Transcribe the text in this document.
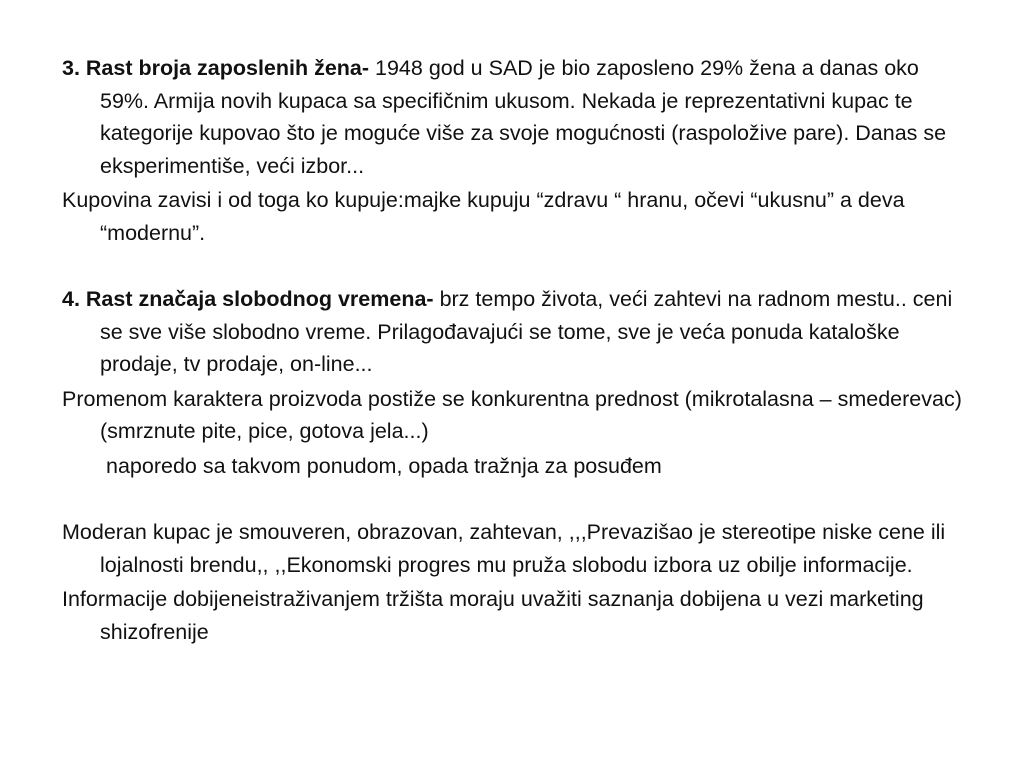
3. Rast broja zaposlenih žena- 1948 god u SAD je bio zaposleno 29% žena a danas oko 59%. Armija novih kupaca sa specifičnim ukusom. Nekada je reprezentativni kupac te kategorije kupovao što je moguće više za svoje mogućnosti (raspoložive pare). Danas se eksperimentiše, veći izbor...

Kupovina zavisi i od toga ko kupuje:majke kupuju “zdravu “ hranu, očevi “ukusnu” a deva “modernu”.

4. Rast značaja slobodnog vremena- brz tempo života, veći zahtevi na radnom mestu.. ceni se sve više slobodno vreme. Prilagođavajući se tome, sve je veća ponuda kataloške prodaje, tv prodaje, on-line...

Promenom karaktera proizvoda postiže se konkurentna prednost (mikrotalasna – smederevac) (smrznute pite, pice, gotova jela...)

naporedo sa takvom ponudom, opada tražnja za posuđem

Moderan kupac je smouveren, obrazovan, zahtevan, ,,,Prevazišao je stereotipe niske cene ili lojalnosti brendu,, ,,Ekonomski progres mu pruža slobodu izbora uz obilje informacije.

Informacije dobijeneistraživanjem tržišta moraju uvažiti saznanja dobijena u vezi marketing shizofrenije
